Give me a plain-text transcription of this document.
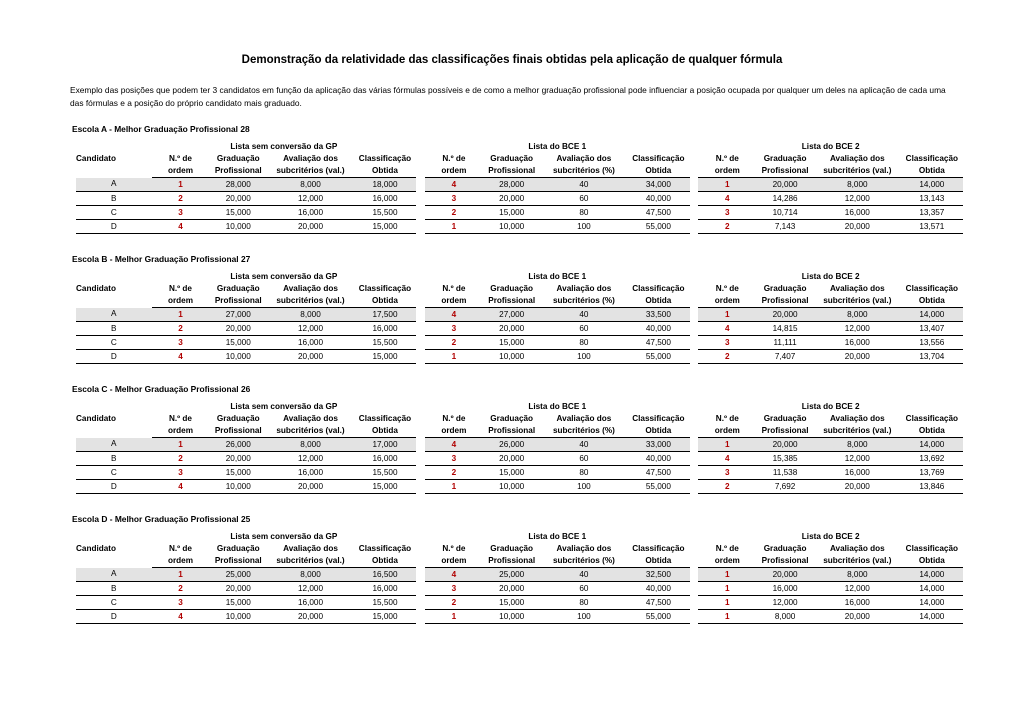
Demonstração da relatividade das classificações finais obtidas pela aplicação de qualquer fórmula
Exemplo das posições que podem ter 3 candidatos em função da aplicação das várias fórmulas possíveis e de como a melhor graduação profissional pode influenciar a posição ocupada por qualquer um deles na aplicação de cada uma das fórmulas e a posição do próprio candidato mais graduado.
Escola A - Melhor Graduação Profissional 28
	Lista sem conversão da GP					Lista do BCE 1					Lista do BCE 2			
Candidato	N.º de	Graduação	Avaliação dos	Classificação		N.º de	Graduação	Avaliação dos	Classificação		N.º de	Graduação	Avaliação dos	Classificação
	ordem	Profissional	subcritérios (val.)	Obtida		ordem	Profissional	subcritérios (%)	Obtida		ordem	Profissional	subcritérios (val.)	Obtida
A	1	28,000	8,000	18,000		4	28,000	40	34,000		1	20,000	8,000	14,000
B	2	20,000	12,000	16,000		3	20,000	60	40,000		4	14,286	12,000	13,143
C	3	15,000	16,000	15,500		2	15,000	80	47,500		3	10,714	16,000	13,357
D	4	10,000	20,000	15,000		1	10,000	100	55,000		2	7,143	20,000	13,571
Escola B - Melhor Graduação Profissional 27
	Lista sem conversão da GP					Lista do BCE 1					Lista do BCE 2			
Candidato	N.º de	Graduação	Avaliação dos	Classificação		N.º de	Graduação	Avaliação dos	Classificação		N.º de	Graduação	Avaliação dos	Classificação
	ordem	Profissional	subcritérios (val.)	Obtida		ordem	Profissional	subcritérios (%)	Obtida		ordem	Profissional	subcritérios (val.)	Obtida
A	1	27,000	8,000	17,500		4	27,000	40	33,500		1	20,000	8,000	14,000
B	2	20,000	12,000	16,000		3	20,000	60	40,000		4	14,815	12,000	13,407
C	3	15,000	16,000	15,500		2	15,000	80	47,500		3	11,111	16,000	13,556
D	4	10,000	20,000	15,000		1	10,000	100	55,000		2	7,407	20,000	13,704
Escola C - Melhor Graduação Profissional 26
	Lista sem conversão da GP					Lista do BCE 1					Lista do BCE 2			
Candidato	N.º de	Graduação	Avaliação dos	Classificação		N.º de	Graduação	Avaliação dos	Classificação		N.º de	Graduação	Avaliação dos	Classificação
	ordem	Profissional	subcritérios (val.)	Obtida		ordem	Profissional	subcritérios (%)	Obtida		ordem	Profissional	subcritérios (val.)	Obtida
A	1	26,000	8,000	17,000		4	26,000	40	33,000		1	20,000	8,000	14,000
B	2	20,000	12,000	16,000		3	20,000	60	40,000		4	15,385	12,000	13,692
C	3	15,000	16,000	15,500		2	15,000	80	47,500		3	11,538	16,000	13,769
D	4	10,000	20,000	15,000		1	10,000	100	55,000		2	7,692	20,000	13,846
Escola D - Melhor Graduação Profissional 25
	Lista sem conversão da GP					Lista do BCE 1					Lista do BCE 2			
Candidato	N.º de	Graduação	Avaliação dos	Classificação		N.º de	Graduação	Avaliação dos	Classificação		N.º de	Graduação	Avaliação dos	Classificação
	ordem	Profissional	subcritérios (val.)	Obtida		ordem	Profissional	subcritérios (%)	Obtida		ordem	Profissional	subcritérios (val.)	Obtida
A	1	25,000	8,000	16,500		4	25,000	40	32,500		1	20,000	8,000	14,000
B	2	20,000	12,000	16,000		3	20,000	60	40,000		1	16,000	12,000	14,000
C	3	15,000	16,000	15,500		2	15,000	80	47,500		1	12,000	16,000	14,000
D	4	10,000	20,000	15,000		1	10,000	100	55,000		1	8,000	20,000	14,000
